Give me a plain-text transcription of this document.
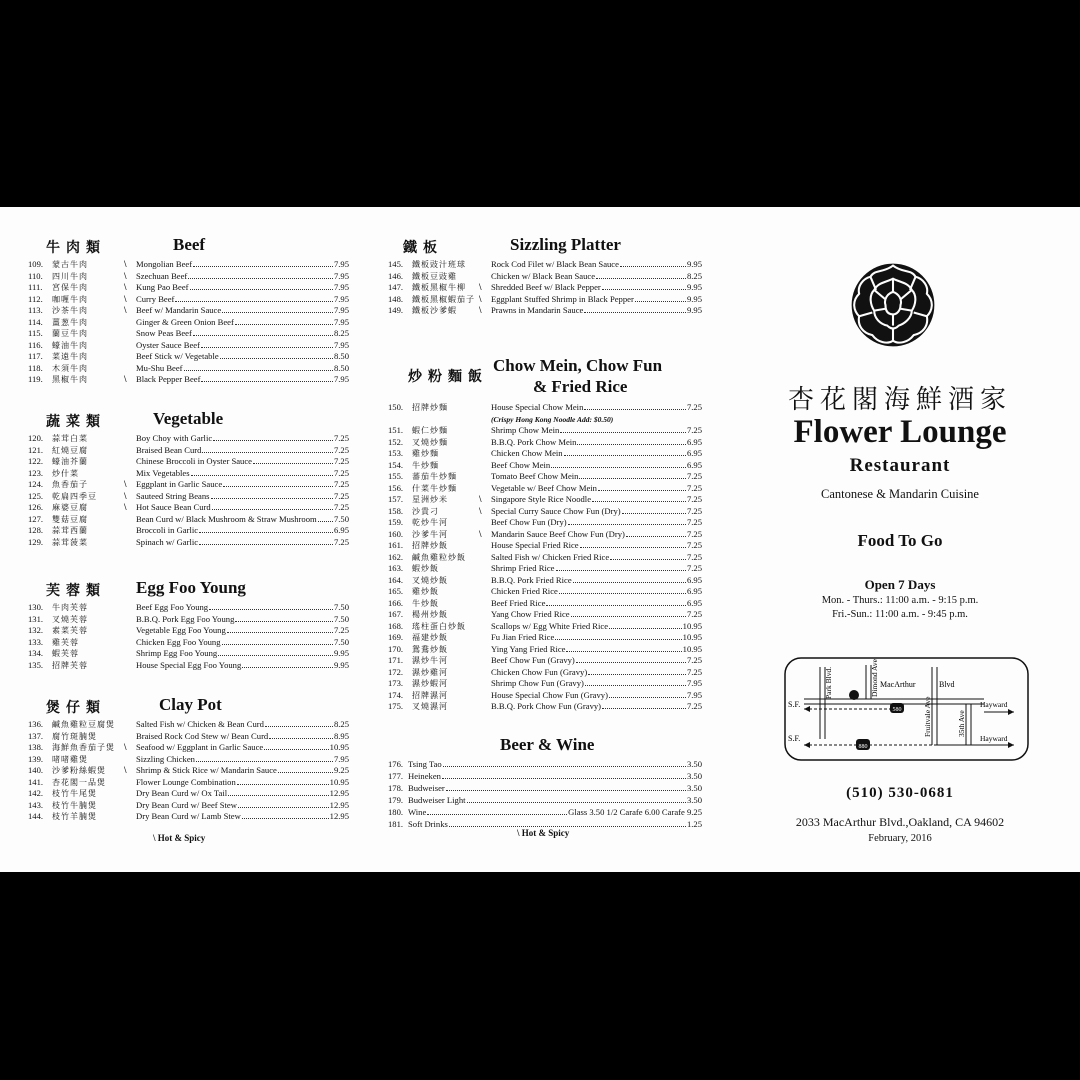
牛肉類	Beef
109.	蒙古牛肉	\ Mongolian Beef	7.95
110.	四川牛肉	\ Szechuan Beef	7.95
111.	宮保牛肉	\ Kung Pao Beef	7.95
112.	咖喱牛肉	\ Curry Beef	7.95
113.	沙茶牛肉	\ Beef w/ Mandarin Sauce	7.95
114.	薑葱牛肉	Ginger & Green Onion Beef	7.95
115.	蘭豆牛肉	Snow Peas Beef	8.25
116.	蠔油牛肉	Oyster Sauce Beef	7.95
117.	菜遠牛肉	Beef Stick w/ Vegetable	8.50
118.	木須牛肉	Mu-Shu Beef	8.50
119.	黑椒牛肉	\ Black Pepper Beef	7.95
蔬菜類	Vegetable
120.	蒜茸白菜	Boy Choy with Garlic	7.25
121.	紅燒豆腐	Braised Bean Curd	7.25
122.	蠔油芥蘭	Chinese Broccoli in Oyster Sauce	7.25
123.	炒什菜	Mix Vegetables	7.25
124.	魚香茄子	\ Eggplant in Garlic Sauce	7.25
125.	乾扁四季豆	\ Sauteed String Beans	7.25
126.	麻婆豆腐	\ Hot Sauce Bean Curd	7.25
127.	雙菇豆腐	Bean Curd w/ Black Mushroom & Straw Mushroom 7.50
128.	蒜茸西蘭	Broccoli in Garlic	6.95
129.	蒜茸菠菜	Spinach w/ Garlic	7.25
芙蓉類 Egg Foo Young
130.	牛肉芙蓉	Beef Egg Foo Young	7.50
131.	叉燒芙蓉	B.B.Q. Pork Egg Foo Young	7.50
132.	素菜芙蓉	Vegetable Egg Foo Young	7.25
133.	雞芙蓉	Chicken Egg Foo Young	7.50
134.	蝦芙蓉	Shrimp Egg Foo Young	9.95
135.	招牌芙蓉	House Special Egg Foo Young	9.95
煲仔類	Clay Pot
136.	鹹魚雞粒豆腐煲 Salted Fish w/ Chicken & Bean Curd	8.25
137.	腐竹斑腩煲	Braised Rock Cod Stew w/ Bean Curd	8.95
138.	海鮮魚香茄子煲 \ Seafood w/ Eggplant in Garlic Sauce	10.95
139.	啫啫雞煲	Sizzling Chicken	7.95
140.	沙爹粉絲蝦煲 \ Shrimp & Stick Rice w/ Mandarin Sauce	9.25
141.	杏花閣一品煲	Flower Lounge Combination	10.95
142.	枝竹牛尾煲	Dry Bean Curd w/ Ox Tail	12.95
143.	枝竹牛腩煲	Dry Bean Curd w/ Beef Stew	12.95
144.	枝竹羊腩煲	Dry Bean Curd w/ Lamb Stew	12.95
\ Hot & Spicy
鐵板	Sizzling Platter
145.	鐵板豉汁班球	Rock Cod Filet w/ Black Bean Sauce	9.95
146.	鐵板豆豉雞	Chicken w/ Black Bean Sauce	8.25
147.	鐵板黑椒牛柳 \ Shredded Beef w/ Black Pepper	9.95
148.	鐵板黑椒蝦茄子 \ Eggplant Stuffed Shrimp in Black Pepper	9.95
149.	鐵板沙爹蝦 \ Prawns in Mandarin Sauce	9.95
炒粉麵飯
Chow Mein, Chow Fun
& Fried Rice
150.	招牌炒麵	House Special Chow Mein	7.25
(Crispy Hong Kong Noodle Add: $0.50)
151.	蝦仁炒麵	Shrimp Chow Mein	7.25
152.	叉燒炒麵	B.B.Q. Pork Chow Mein	6.95
153.	雞炒麵	Chicken Chow Mein	6.95
154.	牛炒麵	Beef Chow Mein	6.95
155.	蕃茄牛炒麵	Tomato Beef Chow Mein	7.25
156.	什菜牛炒麵	Vegetable w/ Beef Chow Mein	7.25
157.	星洲炒米	\ Singapore Style Rice Noodle	7.25
158.	沙貴刁	\ Special Curry Sauce Chow Fun (Dry)	7.25
159.	乾炒牛河	Beef Chow Fun (Dry)	7.25
160.	沙爹牛河	\ Mandarin Sauce Beef Chow Fun (Dry)	7.25
161.	招牌炒飯	House Special Fried Rice	7.25
162.	鹹魚雞粒炒飯	Salted Fish w/ Chicken Fried Rice	7.25
163.	蝦炒飯	Shrimp Fried Rice	7.25
164.	叉燒炒飯	B.B.Q. Pork Fried Rice	6.95
165.	雞炒飯	Chicken Fried Rice	6.95
166.	牛炒飯	Beef Fried Rice	6.95
167.	楊州炒飯	Yang Chow Fried Rice	7.25
168.	瑤柱蛋白炒飯	Scallops w/ Egg White Fried Rice	10.95
169.	福建炒飯	Fu Jian Fried Rice	10.95
170.	鴛鴦炒飯	Ying Yang Fried Rice	10.95
171.	濕炒牛河	Beef Chow Fun (Gravy)	7.25
172.	濕炒雞河	Chicken Chow Fun (Gravy)	7.25
173.	濕炒蝦河	Shrimp Chow Fun (Gravy)	7.95
174.	招牌濕河	House Special Chow Fun (Gravy)	7.95
175.	叉燒濕河	B.B.Q. Pork Chow Fun (Gravy)	7.25
Beer & Wine
176. Tsing Tao	3.50
177. Heineken	3.50
178. Budweiser	3.50
179. Budweiser Light	3.50
180. Wine	Glass 3.50 1/2 Carafe 6.00 Carafe 9.25
181. Soft Drinks	1.25
\ Hot & Spicy
杏花閣海鮮酒家
Flower Lounge
Restaurant
Cantonese & Mandarin Cuisine
Food To Go
Open 7 Days
Mon. - Thurs.: 11:00 a.m. - 9:15 p.m.
Fri.-Sun.: 11:00 a.m. - 9:45 p.m.
580
880
S.F.
S.F.
MacArthur	Blvd
Hayward
Hayward
Park Blvd.	Dimond Ave
Fruitvale Ave	35th Ave
(510) 530-0681
2033 MacArthur Blvd.,Oakland, CA 94602
February, 2016
